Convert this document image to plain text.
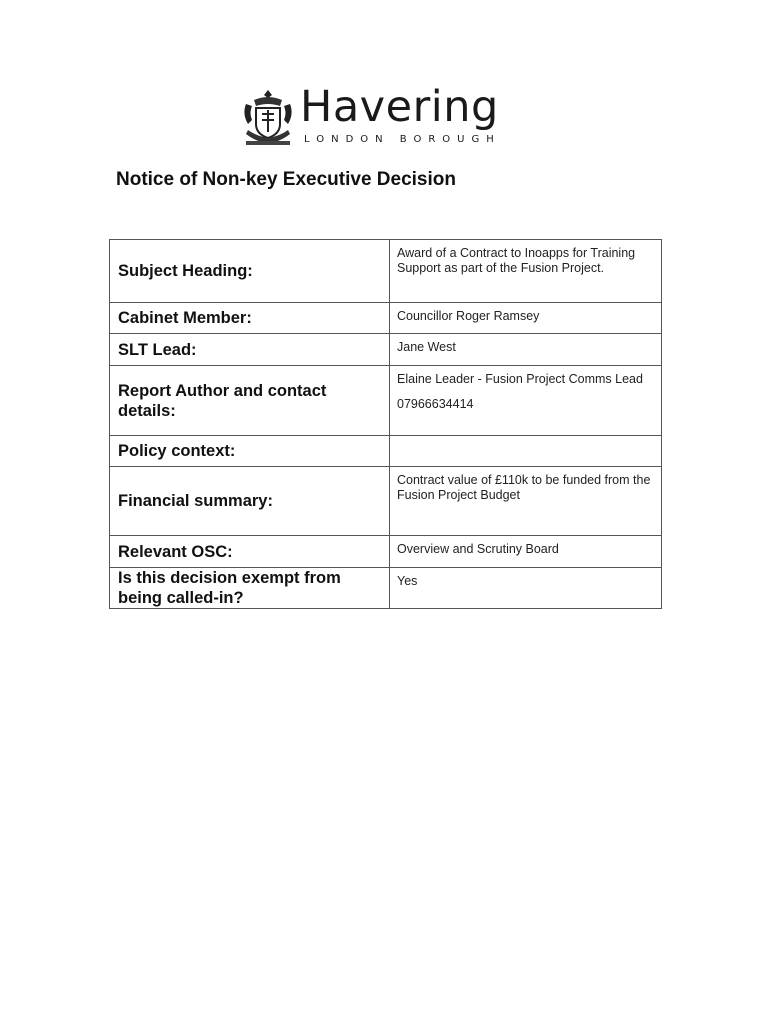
Havering
LONDON BOROUGH
Notice of Non-key Executive Decision
Subject Heading:	Award of a Contract to Inoapps for Training Support as part of the Fusion Project.

Cabinet Member:	Councillor Roger Ramsey

SLT Lead:	Jane West

Report Author and contact details:	Elaine Leader - Fusion Project Comms Lead
07966634414

Policy context:	

Financial summary:	Contract value of £110k to be funded from the Fusion Project Budget

Relevant OSC:	Overview and Scrutiny Board

Is this decision exempt from being called-in?	Yes
